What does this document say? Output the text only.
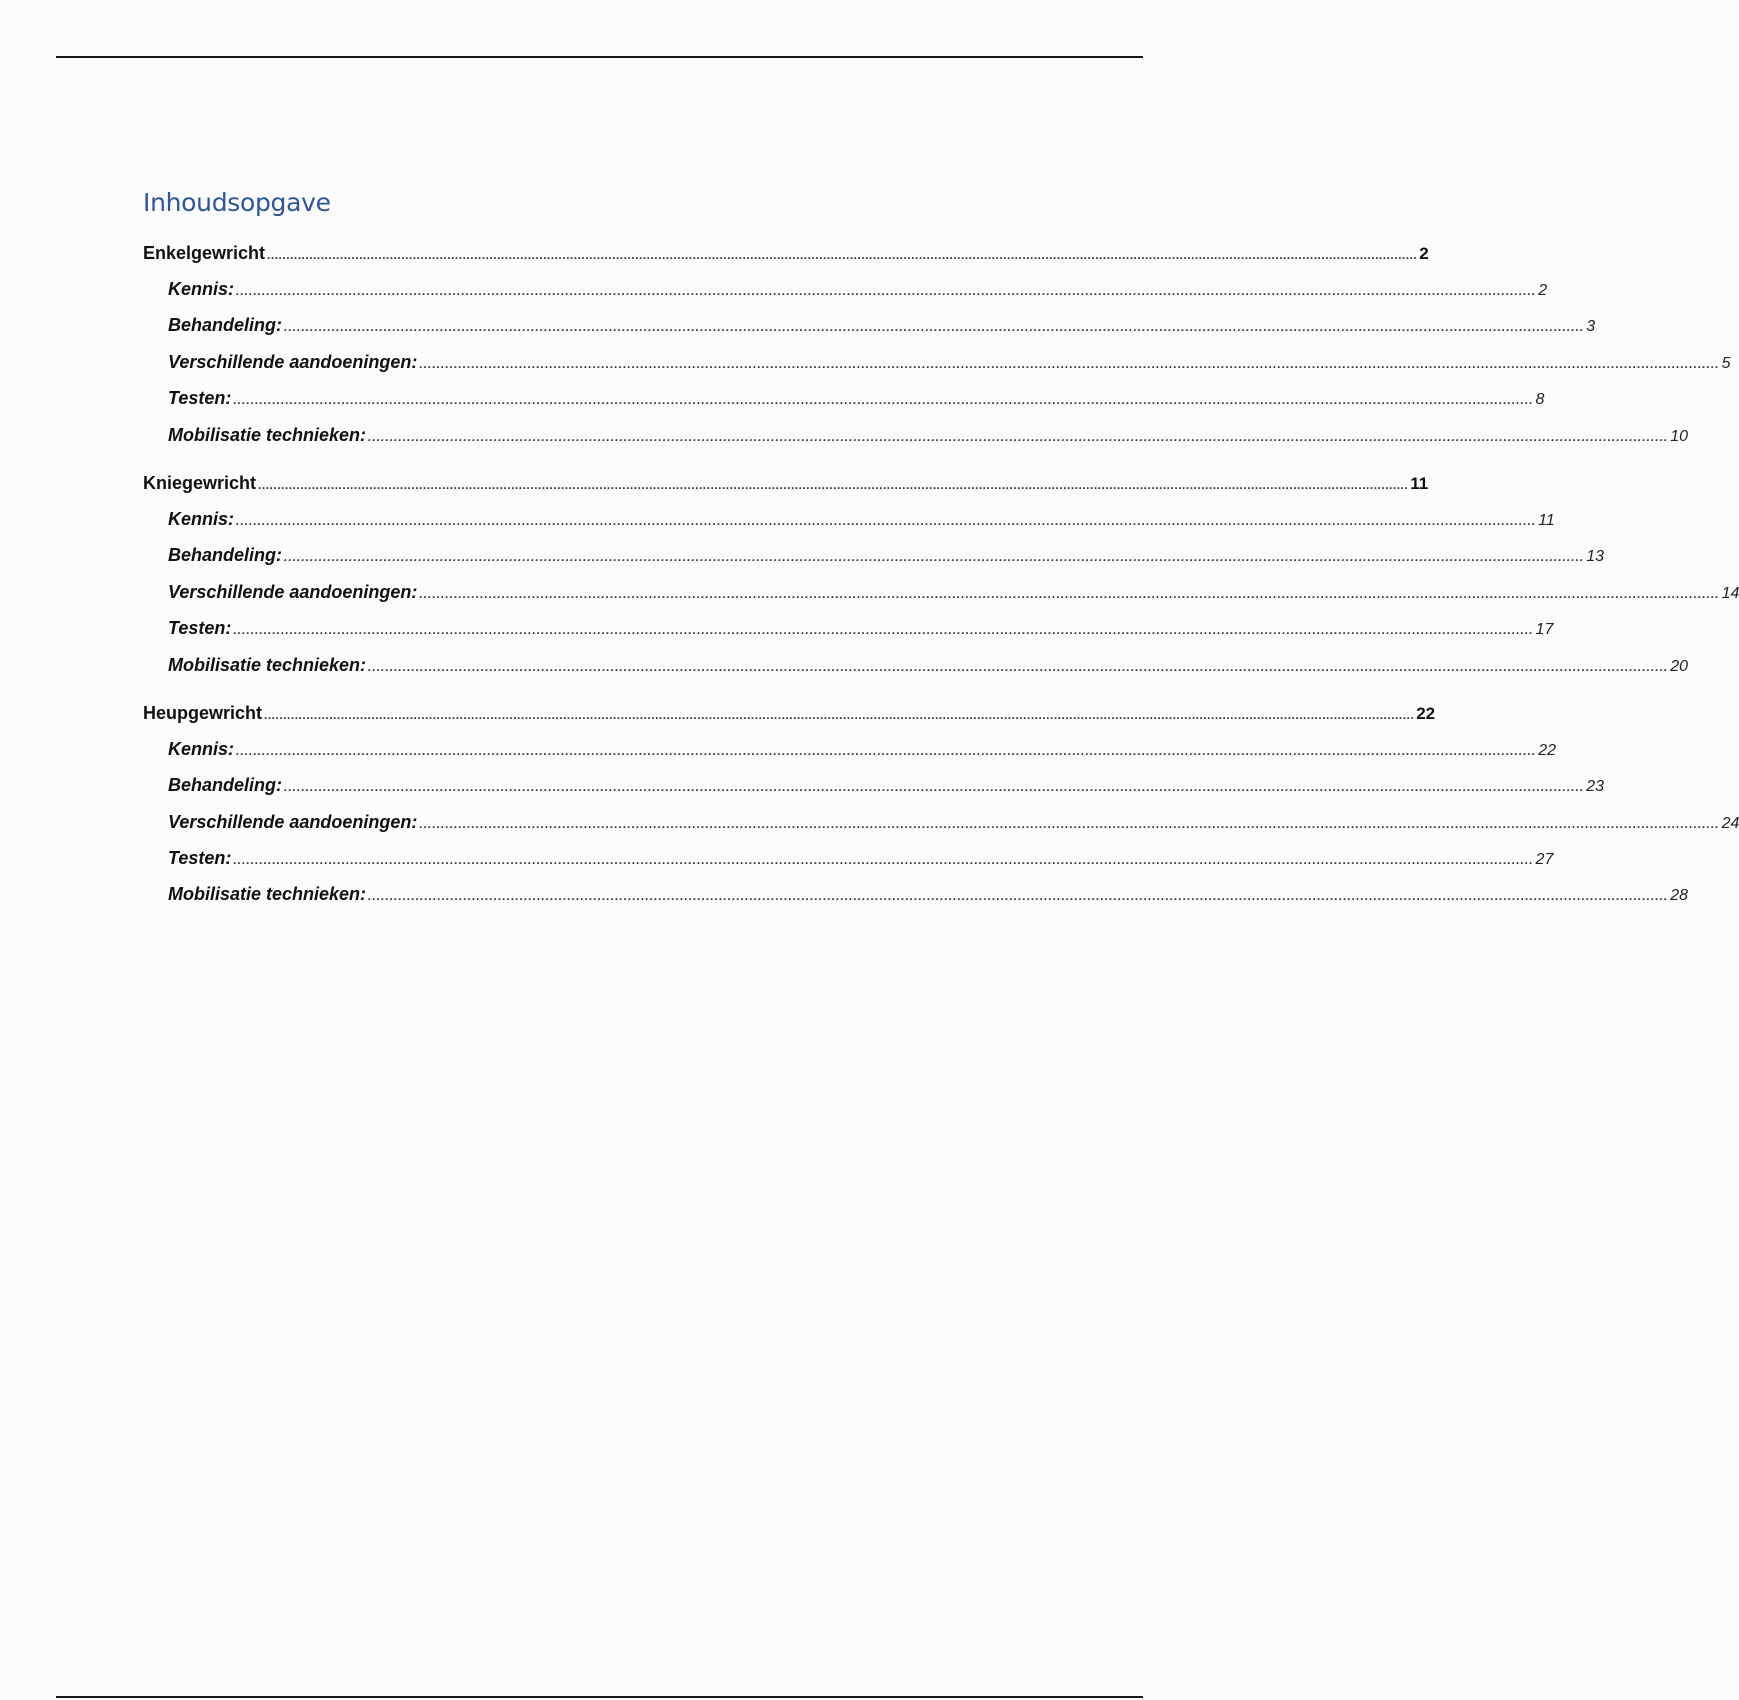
Inhoudsopgave
Enkelgewricht ............................................................................................................................................................................................................................................................................................................ 2
Kennis: ............................................................................................................................................................................................................................................................................................................ 2
Behandeling: ............................................................................................................................................................................................................................................................................................................ 3
Verschillende aandoeningen: ............................................................................................................................................................................................................................................................................................................ 5
Testen: ............................................................................................................................................................................................................................................................................................................ 8
Mobilisatie technieken: ............................................................................................................................................................................................................................................................................................................ 10
Kniegewricht ............................................................................................................................................................................................................................................................................................................ 11
Kennis: ............................................................................................................................................................................................................................................................................................................ 11
Behandeling: ............................................................................................................................................................................................................................................................................................................ 13
Verschillende aandoeningen: ............................................................................................................................................................................................................................................................................................................ 14
Testen: ............................................................................................................................................................................................................................................................................................................ 17
Mobilisatie technieken: ............................................................................................................................................................................................................................................................................................................ 20
Heupgewricht ............................................................................................................................................................................................................................................................................................................ 22
Kennis: ............................................................................................................................................................................................................................................................................................................ 22
Behandeling: ............................................................................................................................................................................................................................................................................................................ 23
Verschillende aandoeningen: ............................................................................................................................................................................................................................................................................................................ 24
Testen: ............................................................................................................................................................................................................................................................................................................ 27
Mobilisatie technieken: ............................................................................................................................................................................................................................................................................................................ 28
